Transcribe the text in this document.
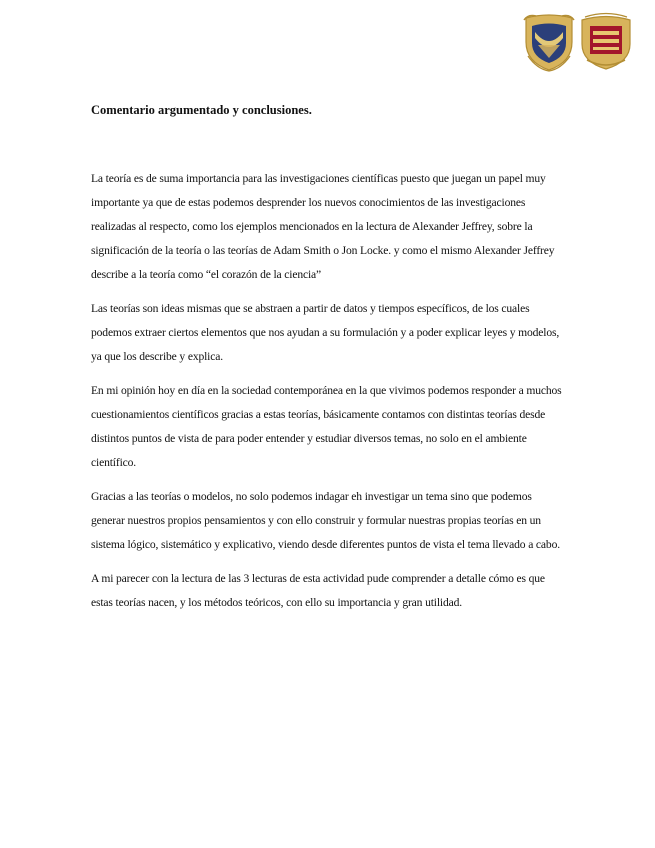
Comentario argumentado y conclusiones.

La teoría es de suma importancia para las investigaciones científicas puesto que juegan un papel muy importante ya que de estas podemos desprender los nuevos conocimientos de las investigaciones realizadas al respecto, como los ejemplos mencionados en la lectura de Alexander Jeffrey, sobre la significación de la teoría o las teorías de Adam Smith o Jon Locke. y como el mismo Alexander Jeffrey describe a la teoría como “el corazón de la ciencia”

Las teorías son ideas mismas que se abstraen a partir de datos y tiempos específicos, de los cuales podemos extraer ciertos elementos que nos ayudan a su formulación y a poder explicar leyes y modelos, ya que los describe y explica.

En mi opinión hoy en día en la sociedad contemporánea en la que vivimos podemos responder a muchos cuestionamientos científicos gracias a estas teorías, básicamente contamos con distintas teorías desde distintos puntos de vista de para poder entender y estudiar diversos temas, no solo en el ambiente científico.

Gracias a las teorías o modelos, no solo podemos indagar eh investigar un tema sino que podemos generar nuestros propios pensamientos y con ello construir y formular nuestras propias teorías en un sistema lógico, sistemático y explicativo, viendo desde diferentes puntos de vista el tema llevado a cabo.

A mi parecer con la lectura de las 3 lecturas de esta actividad pude comprender a detalle cómo es que estas teorías nacen, y los métodos teóricos, con ello su importancia y gran utilidad.
